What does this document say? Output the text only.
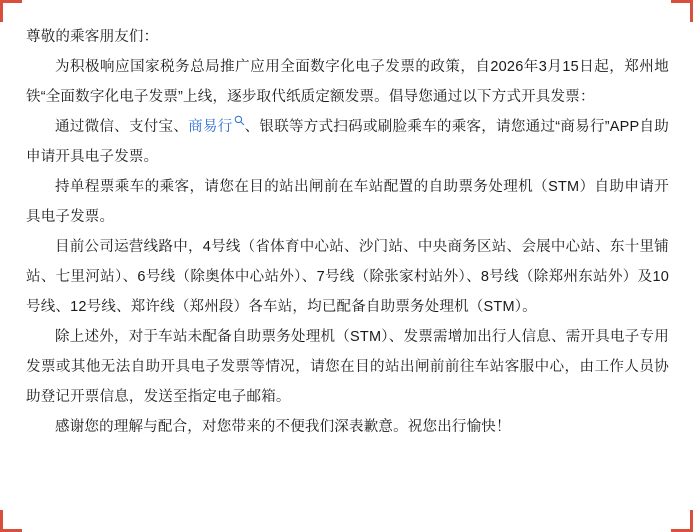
尊敬的乘客朋友们：

为积极响应国家税务总局推广应用全面数字化电子发票的政策，自2026年3月15日起，郑州地铁“全面数字化电子发票”上线，逐步取代纸质定额发票。倡导您通过以下方式开具发票：

通过微信、支付宝、商易行 、银联等方式扫码或刷脸乘车的乘客，请您通过“商易行”APP自助申请开具电子发票。

持单程票乘车的乘客，请您在目的站出闸前在车站配置的自助票务处理机（STM）自助申请开具电子发票。

目前公司运营线路中，4号线（省体育中心站、沙门站、中央商务区站、会展中心站、东十里铺站、七里河站）、6号线（除奥体中心站外）、7号线（除张家村站外）、8号线（除郑州东站外）及10号线、12号线、郑许线（郑州段）各车站，均已配备自助票务处理机（STM）。

除上述外，对于车站未配备自助票务处理机（STM）、发票需增加出行人信息、需开具电子专用发票或其他无法自助开具电子发票等情况，请您在目的站出闸前前往车站客服中心，由工作人员协助登记开票信息，发送至指定电子邮箱。

感谢您的理解与配合，对您带来的不便我们深表歉意。祝您出行愉快！
